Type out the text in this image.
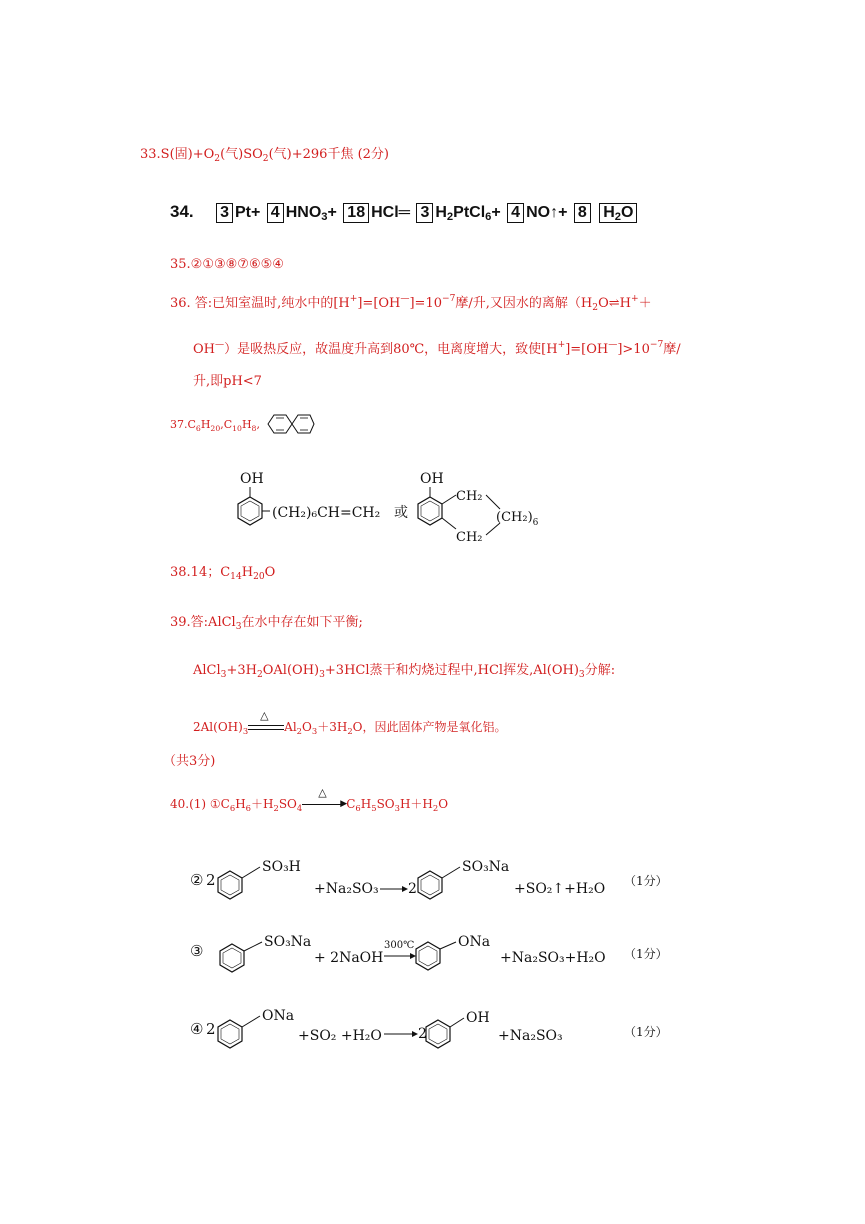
33.S(固)$+O_2$(气)$SO_2$(气)+296千焦 (2分)
34. 3 Pt+ 4 $HNO_3+ 18$ HCl═ 3 $H_2PtCl_6+ 4$ NO↑+ 8 $H_2O$
35.②①③⑧⑦⑥⑤④
36. 答:已知室温时,纯水中的$[H^+]=[OH^—]=10^{-7}$摩/升,又因水的离解（$H_2O\rightleftharpoons H^++$
OH—）是吸热反应，故温度升高到80℃，电离度增大，致使$[H^+]=[OH^—]>10^{-7}$摩/
升,即pH<7
$37.C_6H_{20},C_{10}H_8$,
OH
(CH₂)₆CH=CH₂ 或
OH
CH₂
CH₂
$(CH_2)_6$
38.14；$C_{14}H_{20}O$
39.答:AlCl$_3$在水中存在如下平衡;
$AlCl_3+3H_2OAl(OH)_3+3HCl$蒸干和灼烧过程中,HCl挥发$,Al(OH)_3$分解:
$2Al(OH)_3$
△
$Al_2O_3+3H_2O$，因此固体产物是氧化铝。
（共3分)
40.(1) $①C_6H_6+H_2SO_4$
△
▶ $C_6H_5SO_3H+H_2O$
② 2
SO₃H
+Na₂SO₃ 2
SO₃Na
+SO₂↑+H₂O （1分）
③	SO₃Na
+ 2NaOH
300℃	ONa
+Na₂SO₃+H₂O （1分）
④ 2
ONa
+SO₂ +H₂O	2
OH
+Na₂SO₃	（1分）
